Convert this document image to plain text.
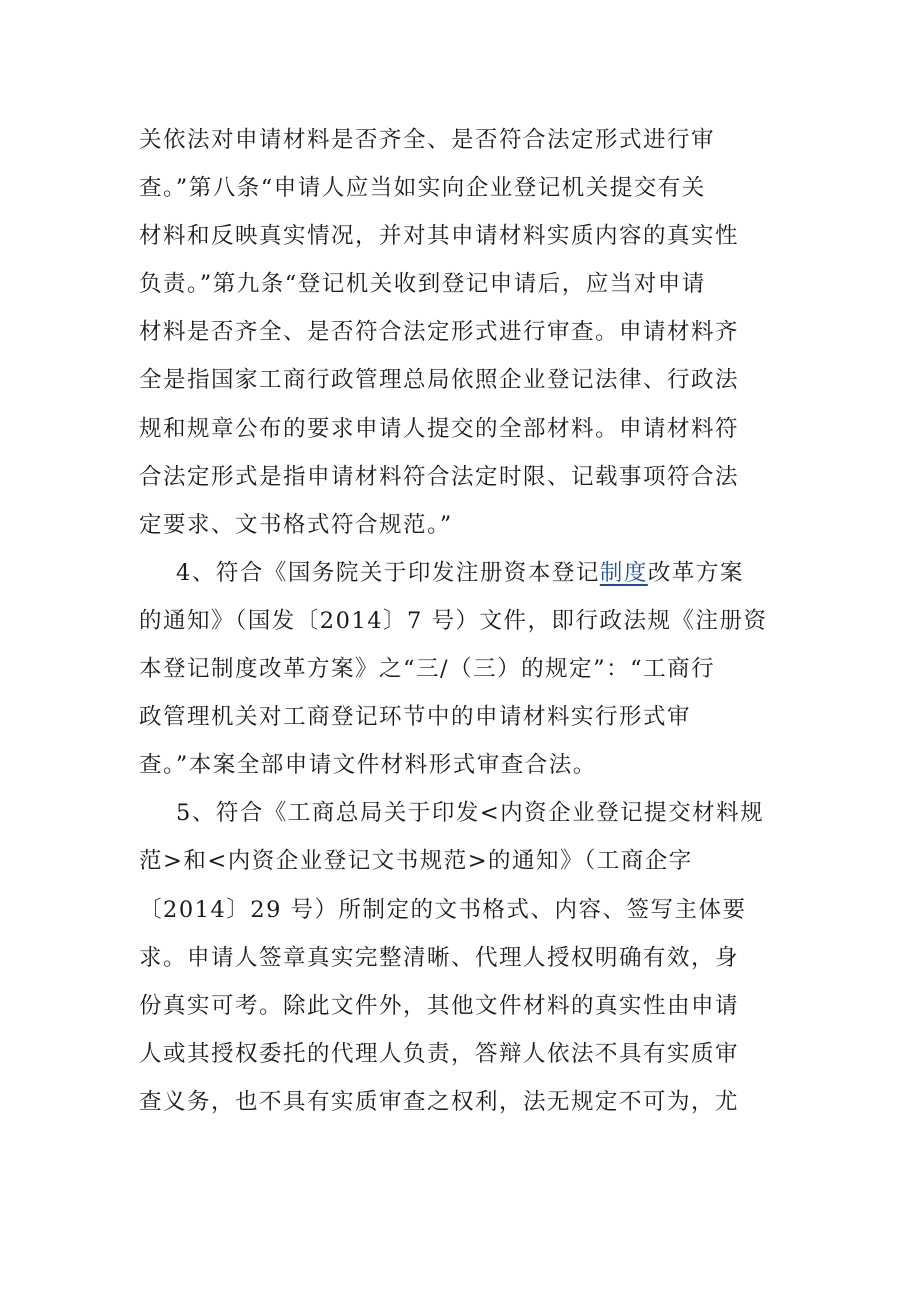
关依法对申请材料是否齐全、是否符合法定形式进行审
查。”第八条“申请人应当如实向企业登记机关提交有关
材料和反映真实情况，并对其申请材料实质内容的真实性
负责。”第九条“登记机关收到登记申请后，应当对申请
材料是否齐全、是否符合法定形式进行审查。申请材料齐
全是指国家工商行政管理总局依照企业登记法律、行政法
规和规章公布的要求申请人提交的全部材料。申请材料符
合法定形式是指申请材料符合法定时限、记载事项符合法
定要求、文书格式符合规范。”
4、符合《国务院关于印发注册资本登记制度改革方案
的通知》（国发〔2014〕7 号）文件，即行政法规《注册资
本登记制度改革方案》之“三/（三）的规定”：“工商行
政管理机关对工商登记环节中的申请材料实行形式审
查。”本案全部申请文件材料形式审查合法。
5、符合《工商总局关于印发<内资企业登记提交材料规
范>和<内资企业登记文书规范>的通知》（工商企字
〔2014〕29 号）所制定的文书格式、内容、签写主体要
求。申请人签章真实完整清晰、代理人授权明确有效，身
份真实可考。除此文件外，其他文件材料的真实性由申请
人或其授权委托的代理人负责，答辩人依法不具有实质审
查义务，也不具有实质审查之权利，法无规定不可为，尤
